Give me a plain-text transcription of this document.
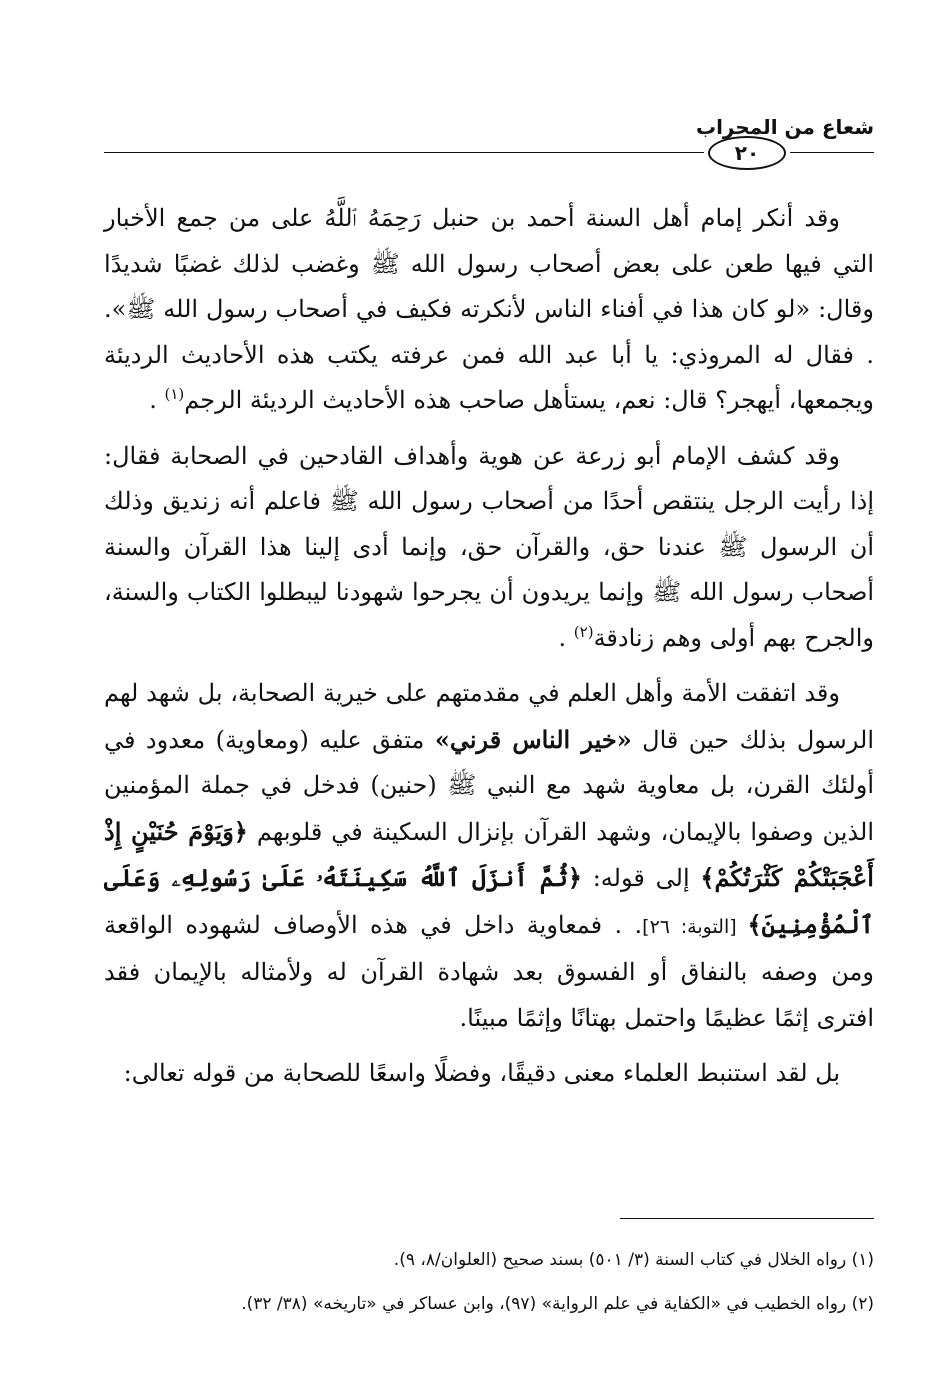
شعاع من المحراب
٢٠

وقد أنكر إمام أهل السنة أحمد بن حنبل رَحِمَهُ ٱللَّهُ على من جمع الأخبار التي فيها طعن على بعض أصحاب رسول الله ﷺ وغضب لذلك غضبًا شديدًا وقال: «لو كان هذا في أفناء الناس لأنكرته فكيف في أصحاب رسول الله ﷺ». . فقال له المروذي: يا أبا عبد الله فمن عرفته يكتب هذه الأحاديث الرديئة ويجمعها، أيهجر؟ قال: نعم، يستأهل صاحب هذه الأحاديث الرديئة الرجم$^{(١)}$ .

وقد كشف الإمام أبو زرعة عن هوية وأهداف القادحين في الصحابة فقال: إذا رأيت الرجل ينتقص أحدًا من أصحاب رسول الله ﷺ فاعلم أنه زنديق وذلك أن الرسول ﷺ عندنا حق، والقرآن حق، وإنما أدى إلينا هذا القرآن والسنة أصحاب رسول الله ﷺ وإنما يريدون أن يجرحوا شهودنا ليبطلوا الكتاب والسنة، والجرح بهم أولى وهم زنادقة$^{(٢)}$ .

وقد اتفقت الأمة وأهل العلم في مقدمتهم على خيرية الصحابة، بل شهد لهم الرسول بذلك حين قال «خير الناس قرني» متفق عليه (ومعاوية) معدود في أولئك القرن، بل معاوية شهد مع النبي ﷺ (حنين) فدخل في جملة المؤمنين الذين وصفوا بالإيمان، وشهد القرآن بإنزال السكينة في قلوبهم ﴿وَيَوْمَ حُنَيْنٍ إِذْ أَعْجَبَتْكُمْ كَثْرَتُكُمْ﴾ إلى قوله: ﴿ثُمَّ أَنزَلَ ٱللَّهُ سَكِينَتَهُۥ عَلَىٰ رَسُولِهِۦ وَعَلَى ٱلْمُؤْمِنِينَ﴾ [التوبة: ٢٦]. . فمعاوية داخل في هذه الأوصاف لشهوده الواقعة ومن وصفه بالنفاق أو الفسوق بعد شهادة القرآن له ولأمثاله بالإيمان فقد افترى إثمًا عظيمًا واحتمل بهتانًا وإثمًا مبينًا.

بل لقد استنبط العلماء معنى دقيقًا، وفضلًا واسعًا للصحابة من قوله تعالى:

(١) رواه الخلال في كتاب السنة (٣/ ٥٠١) بسند صحيح (العلوان/٨، ٩).

(٢) رواه الخطيب في «الكفاية في علم الرواية» (٩٧)، وابن عساكر في «تاريخه» (٣٨/ ٣٢).
